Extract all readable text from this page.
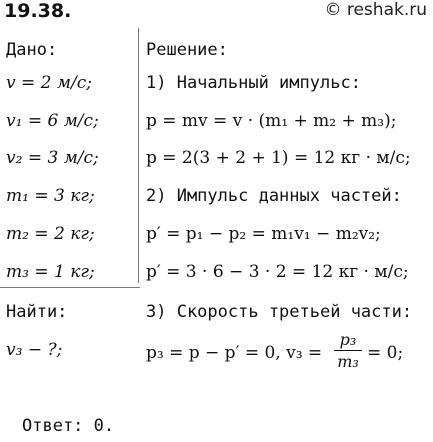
19.38.	© reshak.ru
Дано:
v = 2 м/с;
v₁ = 6 м/с;
v₂ = 3 м/с;
m₁ = 3 кг;
m₂ = 2 кг;
m₃ = 1 кг;
Найти:
v₃ − ?;
Решение:
1) Начальный импульс:
p = mv = v · (m₁ + m₂ + m₃);
p = 2(3 + 2 + 1) = 12 кг · м/с;
2) Импульс данных частей:
p′ = p₁ − p₂ = m₁v₁ − m₂v₂;
p′ = 3 · 6 − 3 · 2 = 12 кг · м/с;
3) Скорость третьей части:
p₃ = p − p′ = 0, v₃ =
p₃
m₃ = 0;
Ответ: 0.
